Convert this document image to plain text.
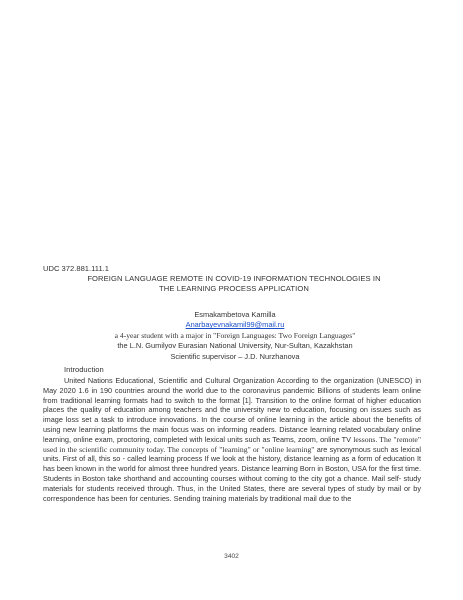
UDC 372.881.111.1
FOREIGN LANGUAGE REMOTE IN COVID-19 INFORMATION TECHNOLOGIES IN
THE LEARNING PROCESS APPLICATION
Esmakambetova Kamilla
Anarbayevnakamil99@mail.ru
a 4-year student with a major in "Foreign Languages: Two Foreign Languages"
the L.N. Gumilyov Eurasian National University, Nur-Sultan, Kazakhstan
Scientific supervisor – J.D. Nurzhanova
Introduction
United Nations Educational, Scientific and Cultural Organization According to the organization (UNESCO) in May 2020 1.6 in 190 countries around the world due to the coronavirus pandemic Billions of students learn online from traditional learning formats had to switch to the format [1]. Transition to the online format of higher education places the quality of education among teachers and the university new to education, focusing on issues such as image loss set a task to introduce innovations. In the course of online learning in the article about the benefits of using new learning platforms the main focus was on informing readers. Distance learning related vocabulary online learning, online exam, proctoring, completed with lexical units such as Teams, zoom, online TV lessons. The "remote" used in the scientific community today. The concepts of "learning" or "online learning" are synonymous such as lexical units. First of all, this so - called learning process If we look at the history, distance learning as a form of education It has been known in the world for almost three hundred years. Distance learning Born in Boston, USA for the first time. Students in Boston take shorthand and accounting courses without coming to the city got a chance. Mail self- study materials for students received through. Thus, in the United States, there are several types of study by mail or by correspondence has been for centuries. Sending training materials by traditional mail due to the
3402
